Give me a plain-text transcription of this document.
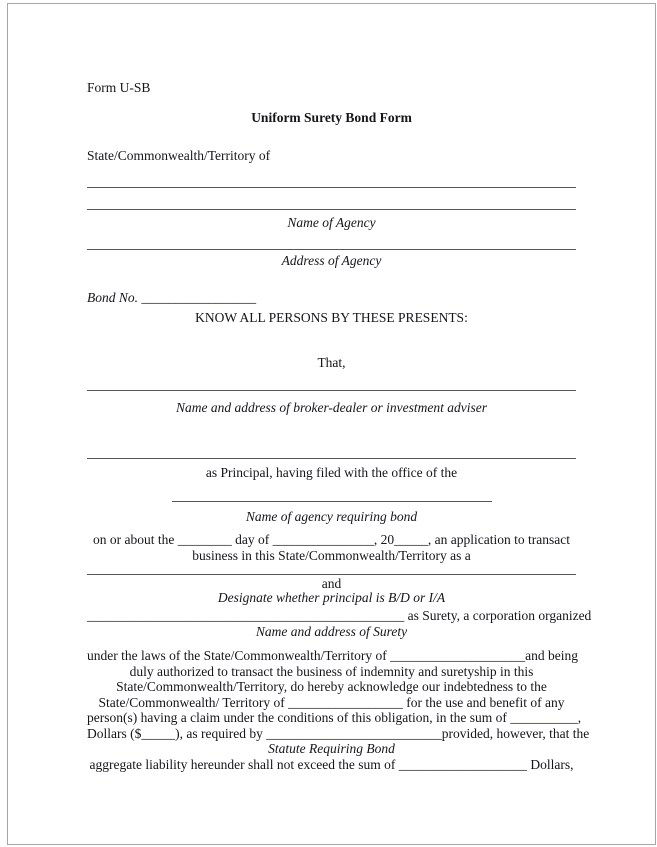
Form U-SB
Uniform Surety Bond Form
State/Commonwealth/Territory of
Name of Agency
Address of Agency
Bond No. _________________
KNOW ALL PERSONS BY THESE PRESENTS:
That,
Name and address of broker-dealer or investment adviser
as Principal, having filed with the office of the
Name of agency requiring bond
on or about the ________ day of _______________, 20_____, an application to transact
business in this State/Commonwealth/Territory as a
and
Designate whether principal is B/D or I/A
_______________________________________________ as Surety, a corporation organized
Name and address of Surety
under the laws of the State/Commonwealth/Territory of ____________________and being
duly authorized to transact the business of indemnity and suretyship in this
State/Commonwealth/Territory, do hereby acknowledge our indebtedness to the
State/Commonwealth/ Territory of _________________ for the use and benefit of any
person(s) having a claim under the conditions of this obligation, in the sum of __________,
Dollars ($_____), as required by __________________________provided, however, that the
Statute Requiring Bond
aggregate liability hereunder shall not exceed the sum of ___________________ Dollars,
